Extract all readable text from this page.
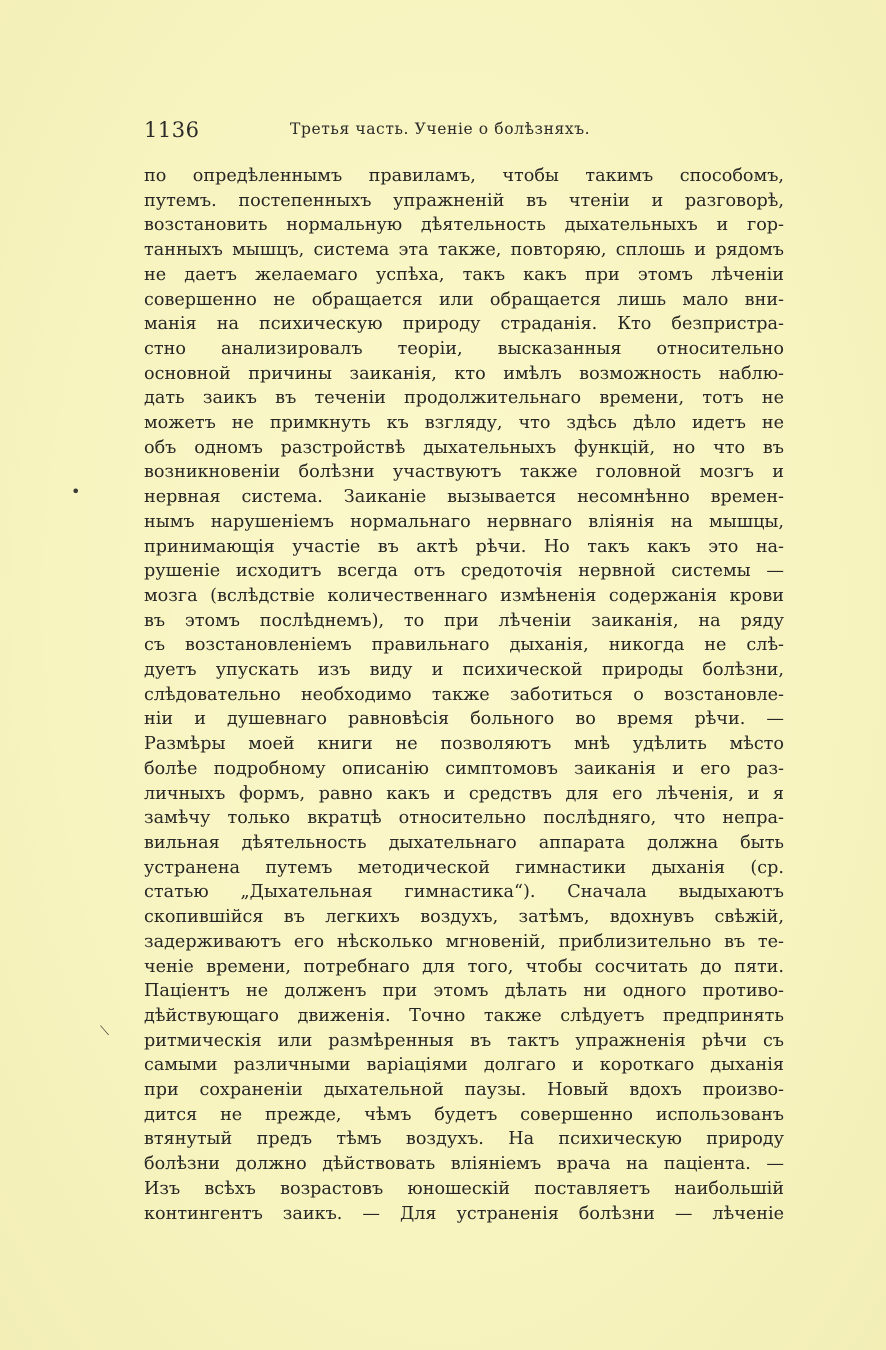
1136	Третья часть. Ученіе о болѣзняхъ.
по опредѣленнымъ правиламъ, чтобы такимъ способомъ,
путемъ. постепенныхъ упражненій въ чтеніи и разговорѣ,
возстановить нормальную дѣятельность дыхательныхъ и гор-
танныхъ мышцъ, система эта также, повторяю, сплошь и рядомъ
не даетъ желаемаго успѣха, такъ какъ при этомъ лѣченіи
совершенно не обращается или обращается лишь мало вни-
манія на психическую природу страданія. Кто безпристра-
стно анализировалъ теоріи, высказанныя относительно
основной причины заиканія, кто имѣлъ возможность наблю-
дать заикъ въ теченіи продолжительнаго времени, тотъ не
можетъ не примкнуть къ взгляду, что здѣсь дѣло идетъ не
объ одномъ разстройствѣ дыхательныхъ функцій, но что въ
возникновеніи болѣзни участвуютъ также головной мозгъ и
нервная система. Заиканіе вызывается несомнѣнно времен-
нымъ нарушеніемъ нормальнаго нервнаго вліянія на мышцы,
принимающія участіе въ актѣ рѣчи. Но такъ какъ это на-
рушеніе исходитъ всегда отъ средоточія нервной системы —
мозга (вслѣдствіе количественнаго измѣненія содержанія крови
въ этомъ послѣднемъ), то при лѣченіи заиканія, на ряду
съ возстановленіемъ правильнаго дыханія, никогда не слѣ-
дуетъ упускать изъ виду и психической природы болѣзни,
слѣдовательно необходимо также заботиться о возстановле-
ніи и душевнаго равновѣсія больного во время рѣчи. —
Размѣры моей книги не позволяютъ мнѣ удѣлить мѣсто
болѣе подробному описанію симптомовъ заиканія и его раз-
личныхъ формъ, равно какъ и средствъ для его лѣченія, и я
замѣчу только вкратцѣ относительно послѣдняго, что непра-
вильная дѣятельность дыхательнаго аппарата должна быть
устранена путемъ методической гимнастики дыханія (ср.
статью „Дыхательная гимнастика“). Сначала выдыхаютъ
скопившійся въ легкихъ воздухъ, затѣмъ, вдохнувъ свѣжій,
задерживаютъ его нѣсколько мгновеній, приблизительно въ те-
ченіе времени, потребнаго для того, чтобы сосчитать до пяти.
Паціентъ не долженъ при этомъ дѣлать ни одного противо-
дѣйствующаго движенія. Точно также слѣдуетъ предпринять
ритмическія или размѣренныя въ тактъ упражненія рѣчи съ
самыми различными варіаціями долгаго и короткаго дыханія
при сохраненіи дыхательной паузы. Новый вдохъ произво-
дится не прежде, чѣмъ будетъ совершенно использованъ
втянутый предъ тѣмъ воздухъ. На психическую природу
болѣзни должно дѣйствовать вліяніемъ врача на паціента. —
Изъ всѣхъ возрастовъ юношескій поставляетъ наибольшій
контингентъ заикъ. — Для устраненія болѣзни — лѣченіе
•
⟍
